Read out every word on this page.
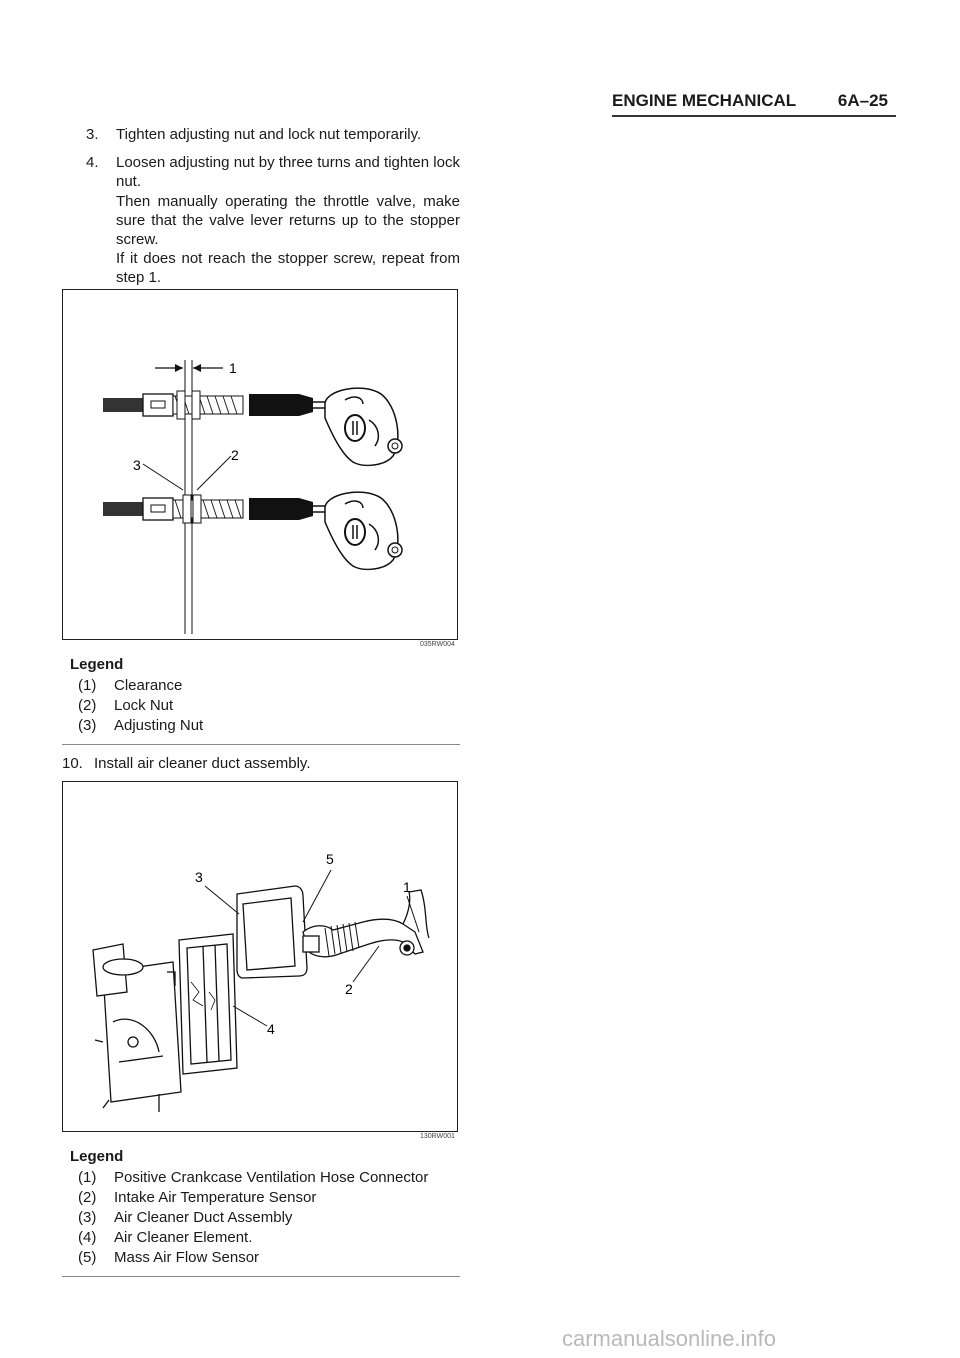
ENGINE MECHANICAL 6A–25
3. Tighten adjusting nut and lock nut temporarily.
4. Loosen adjusting nut by three turns and tighten lock nut.
Then manually operating the throttle valve, make sure that the valve lever returns up to the stopper screw.
If it does not reach the stopper screw, repeat from step 1.
1
3
2
035RW004
Legend
(1) Clearance
(2) Lock Nut
(3) Adjusting Nut
10. Install air cleaner duct assembly.
5
1
3
2
4
130RW001
Legend
(1) Positive Crankcase Ventilation Hose Connector
(2) Intake Air Temperature Sensor
(3) Air Cleaner Duct Assembly
(4) Air Cleaner Element.
(5) Mass Air Flow Sensor
carmanualsonline.info
